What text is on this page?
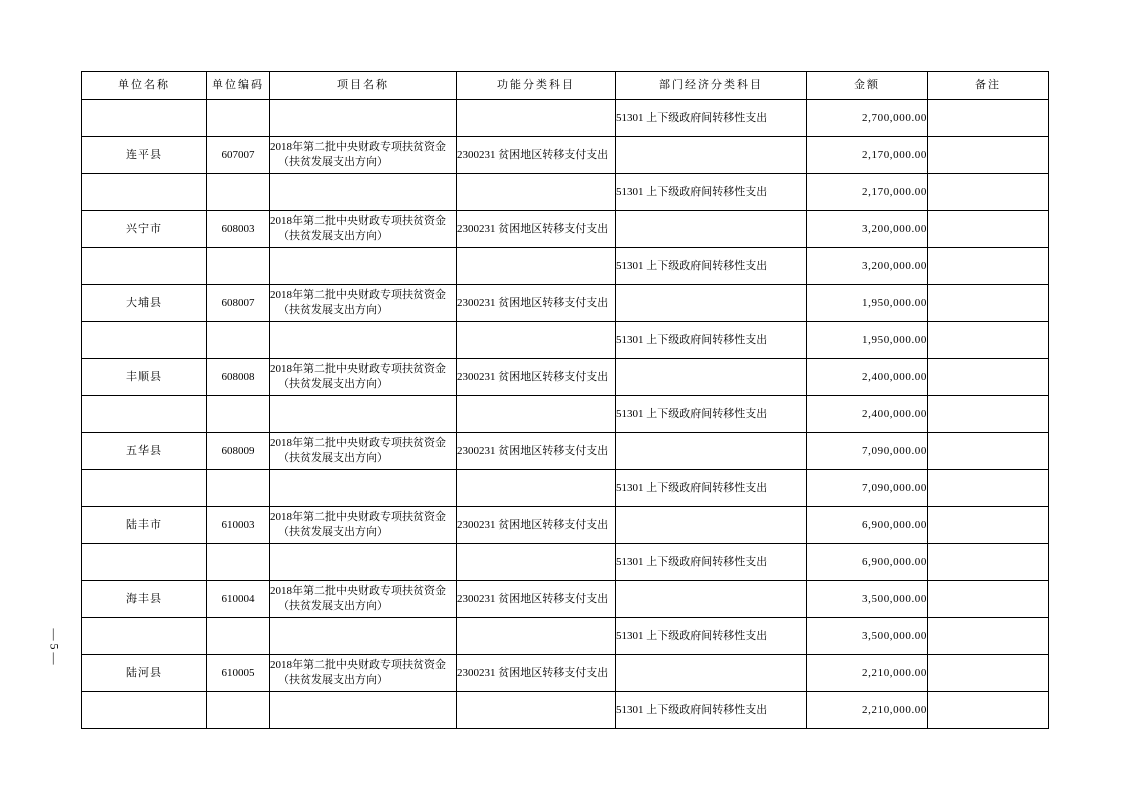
— 5 —
单位名称	单位编码	项目名称	功能分类科目	部门经济分类科目	金额	备注
				51301 上下级政府间转移性支出	2,700,000.00	
连平县	607007	2018年第二批中央财政专项扶贫资金
（扶贫发展支出方向）	2300231 贫困地区转移支付支出		2,170,000.00	
				51301 上下级政府间转移性支出	2,170,000.00	
兴宁市	608003	2018年第二批中央财政专项扶贫资金
（扶贫发展支出方向）	2300231 贫困地区转移支付支出		3,200,000.00	
				51301 上下级政府间转移性支出	3,200,000.00	
大埔县	608007	2018年第二批中央财政专项扶贫资金
（扶贫发展支出方向）	2300231 贫困地区转移支付支出		1,950,000.00	
				51301 上下级政府间转移性支出	1,950,000.00	
丰顺县	608008	2018年第二批中央财政专项扶贫资金
（扶贫发展支出方向）	2300231 贫困地区转移支付支出		2,400,000.00	
				51301 上下级政府间转移性支出	2,400,000.00	
五华县	608009	2018年第二批中央财政专项扶贫资金
（扶贫发展支出方向）	2300231 贫困地区转移支付支出		7,090,000.00	
				51301 上下级政府间转移性支出	7,090,000.00	
陆丰市	610003	2018年第二批中央财政专项扶贫资金
（扶贫发展支出方向）	2300231 贫困地区转移支付支出		6,900,000.00	
				51301 上下级政府间转移性支出	6,900,000.00	
海丰县	610004	2018年第二批中央财政专项扶贫资金
（扶贫发展支出方向）	2300231 贫困地区转移支付支出		3,500,000.00	
				51301 上下级政府间转移性支出	3,500,000.00	
陆河县	610005	2018年第二批中央财政专项扶贫资金
（扶贫发展支出方向）	2300231 贫困地区转移支付支出		2,210,000.00	
				51301 上下级政府间转移性支出	2,210,000.00	
